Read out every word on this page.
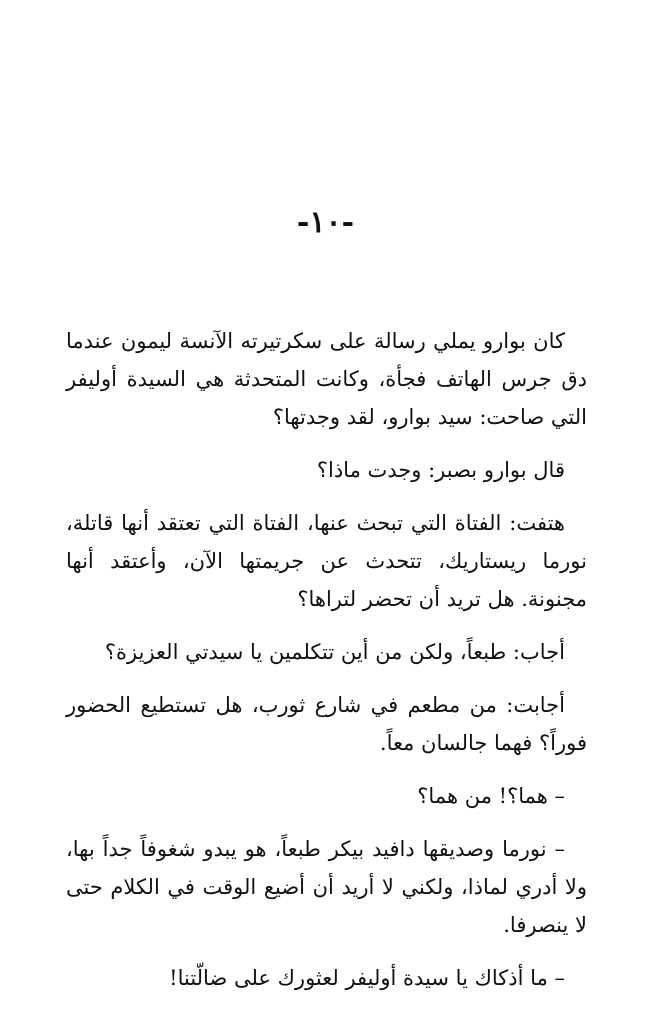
-١٠-

كان بوارو يملي رسالة على سكرتيرته الآنسة ليمون عندما دق جرس الهاتف فجأة، وكانت المتحدثة هي السيدة أوليفر التي صاحت: سيد بوارو، لقد وجدتها؟

قال بوارو بصبر: وجدت ماذا؟

هتفت: الفتاة التي تبحث عنها، الفتاة التي تعتقد أنها قاتلة، نورما ريستاريك، تتحدث عن جريمتها الآن، وأعتقد أنها مجنونة. هل تريد أن تحضر لتراها؟

أجاب: طبعاً، ولكن من أين تتكلمين يا سيدتي العزيزة؟

أجابت: من مطعم في شارع ثورب، هل تستطيع الحضور فوراً؟ فهما جالسان معاً.

– هما؟! من هما؟

– نورما وصديقها دافيد بيكر طبعاً، هو يبدو شغوفاً جداً بها، ولا أدري لماذا، ولكني لا أريد أن أضيع الوقت في الكلام حتى لا ينصرفا.

– ما أذكاك يا سيدة أوليفر لعثورك على ضالّتنا!
